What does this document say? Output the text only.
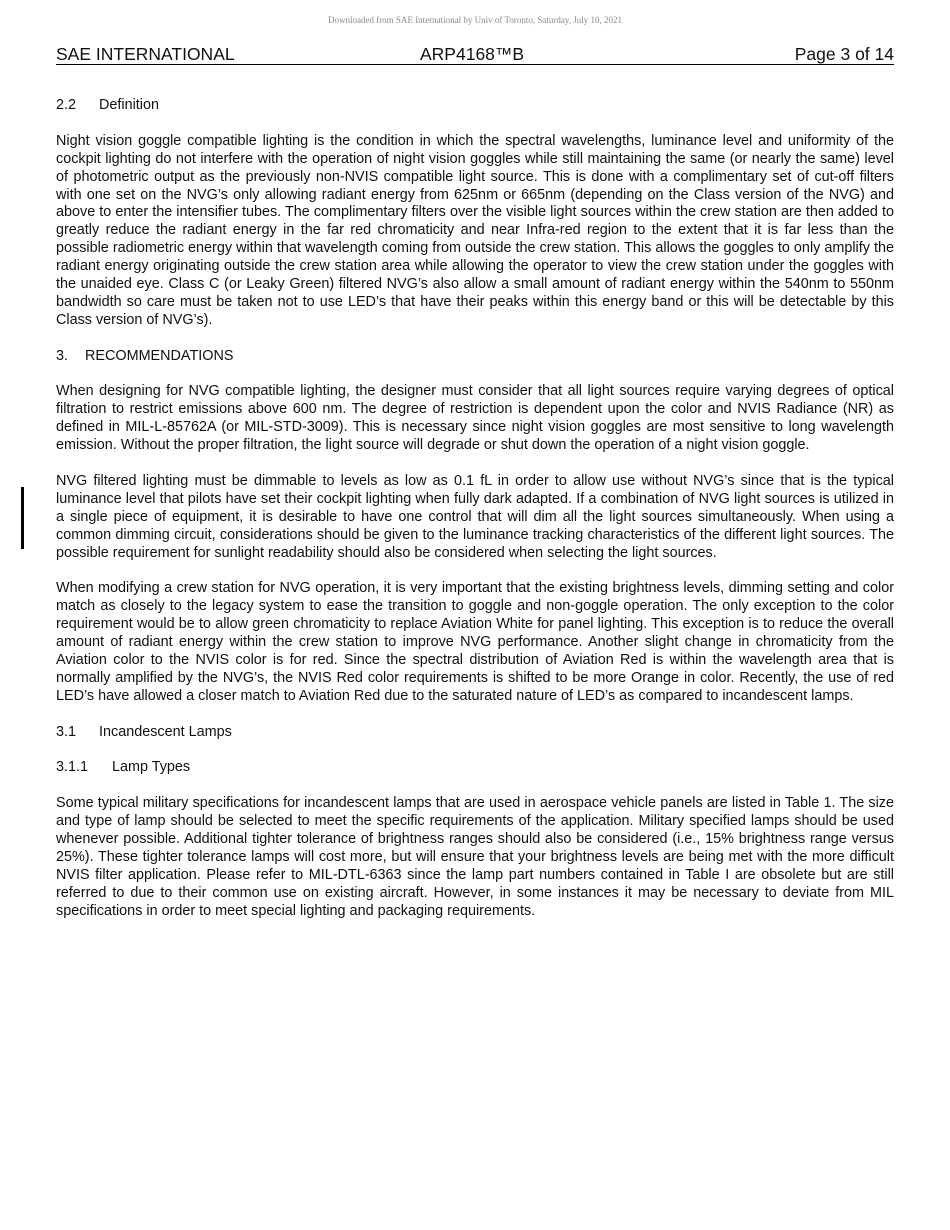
Downloaded from SAE International by Univ of Toronto, Saturday, July 10, 2021
SAE INTERNATIONAL	ARP4168™B	Page 3 of 14
2.2 Definition

Night vision goggle compatible lighting is the condition in which the spectral wavelengths, luminance level and uniformity of the cockpit lighting do not interfere with the operation of night vision goggles while still maintaining the same (or nearly the same) level of photometric output as the previously non-NVIS compatible light source. This is done with a complimentary set of cut-off filters with one set on the NVG’s only allowing radiant energy from 625nm or 665nm (depending on the Class version of the NVG) and above to enter the intensifier tubes. The complimentary filters over the visible light sources within the crew station are then added to greatly reduce the radiant energy in the far red chromaticity and near Infra-red region to the extent that it is far less than the possible radiometric energy within that wavelength coming from outside the crew station. This allows the goggles to only amplify the radiant energy originating outside the crew station area while allowing the operator to view the crew station under the goggles with the unaided eye. Class C (or Leaky Green) filtered NVG’s also allow a small amount of radiant energy within the 540nm to 550nm bandwidth so care must be taken not to use LED’s that have their peaks within this energy band or this will be detectable by this Class version of NVG’s).

3. RECOMMENDATIONS

When designing for NVG compatible lighting, the designer must consider that all light sources require varying degrees of optical filtration to restrict emissions above 600 nm. The degree of restriction is dependent upon the color and NVIS Radiance (NR) as defined in MIL-L-85762A (or MIL-STD-3009). This is necessary since night vision goggles are most sensitive to long wavelength emission. Without the proper filtration, the light source will degrade or shut down the operation of a night vision goggle.

NVG filtered lighting must be dimmable to levels as low as 0.1 fL in order to allow use without NVG’s since that is the typical luminance level that pilots have set their cockpit lighting when fully dark adapted. If a combination of NVG light sources is utilized in a single piece of equipment, it is desirable to have one control that will dim all the light sources simultaneously. When using a common dimming circuit, considerations should be given to the luminance tracking characteristics of the different light sources. The possible requirement for sunlight readability should also be considered when selecting the light sources.

When modifying a crew station for NVG operation, it is very important that the existing brightness levels, dimming setting and color match as closely to the legacy system to ease the transition to goggle and non-goggle operation. The only exception to the color requirement would be to allow green chromaticity to replace Aviation White for panel lighting. This exception is to reduce the overall amount of radiant energy within the crew station to improve NVG performance. Another slight change in chromaticity from the Aviation color to the NVIS color is for red. Since the spectral distribution of Aviation Red is within the wavelength area that is normally amplified by the NVG’s, the NVIS Red color requirements is shifted to be more Orange in color. Recently, the use of red LED’s have allowed a closer match to Aviation Red due to the saturated nature of LED’s as compared to incandescent lamps.

3.1 Incandescent Lamps
3.1.1 Lamp Types

Some typical military specifications for incandescent lamps that are used in aerospace vehicle panels are listed in Table 1. The size and type of lamp should be selected to meet the specific requirements of the application. Military specified lamps should be used whenever possible. Additional tighter tolerance of brightness ranges should also be considered (i.e., 15% brightness range versus 25%). These tighter tolerance lamps will cost more, but will ensure that your brightness levels are being met with the more difficult NVIS filter application. Please refer to MIL-DTL-6363 since the lamp part numbers contained in Table I are obsolete but are still referred to due to their common use on existing aircraft. However, in some instances it may be necessary to deviate from MIL specifications in order to meet special lighting and packaging requirements.
